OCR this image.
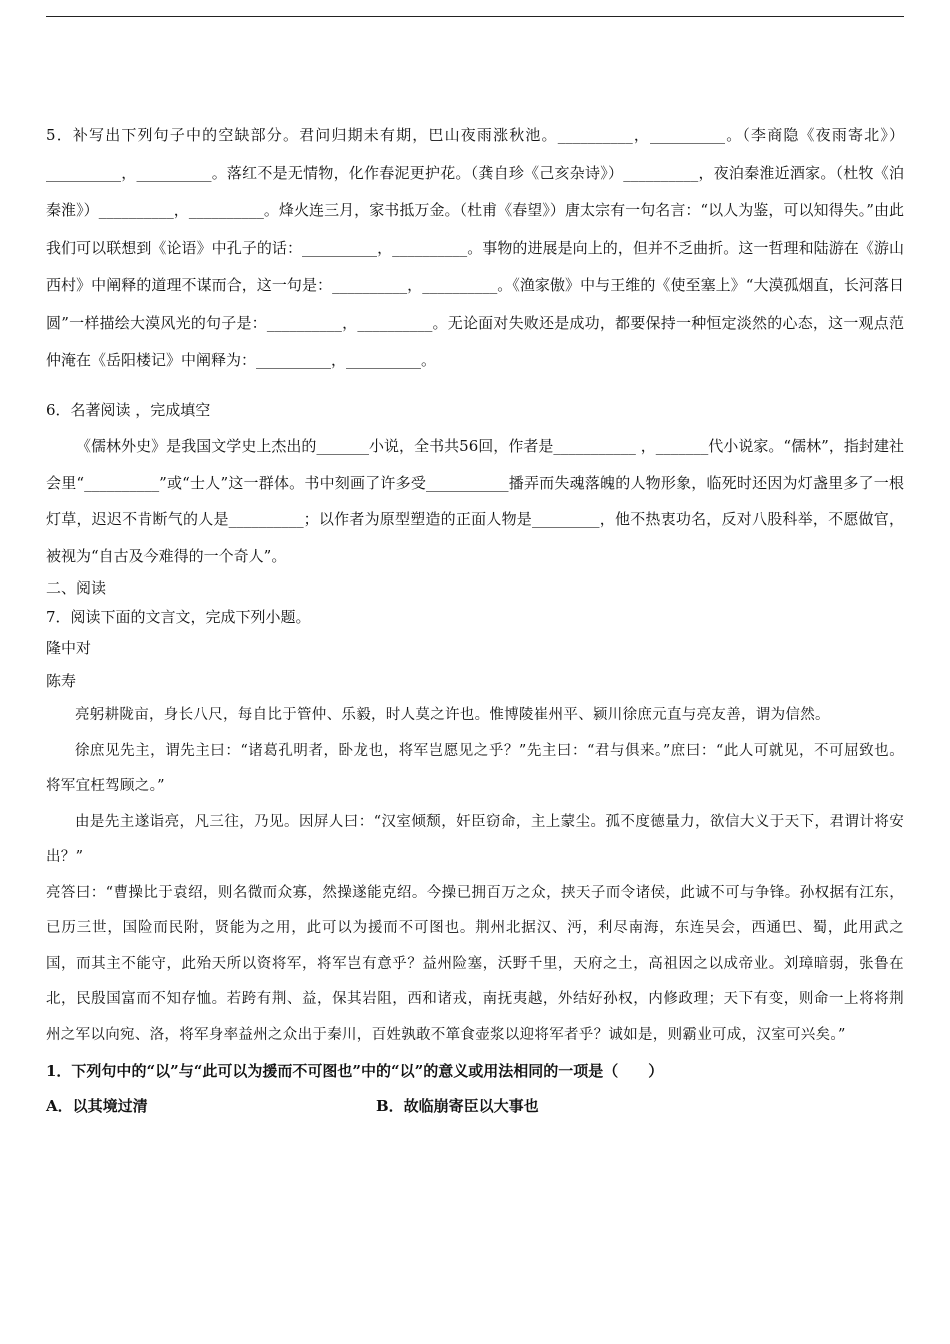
5．补写出下列句子中的空缺部分。君问归期未有期，巴山夜雨涨秋池。__________，__________。（李商隐《夜雨寄北》）__________，__________。落红不是无情物，化作春泥更护花。（龚自珍《己亥杂诗》）__________，夜泊秦淮近酒家。（杜牧《泊秦淮》）__________，__________。烽火连三月，家书抵万金。（杜甫《春望》）唐太宗有一句名言：“以人为鉴，可以知得失。”由此我们可以联想到《论语》中孔子的话：__________，__________。事物的进展是向上的，但并不乏曲折。这一哲理和陆游在《游山西村》中阐释的道理不谋而合，这一句是：__________，__________。《渔家傲》中与王维的《使至塞上》“大漠孤烟直，长河落日圆”一样描绘大漠风光的句子是：__________，__________。无论面对失败还是成功，都要保持一种恒定淡然的心态，这一观点范仲淹在《岳阳楼记》中阐释为：__________，__________。

6．名著阅读 ，完成填空

《儒林外史》是我国文学史上杰出的_______小说，全书共56回，作者是___________ ，_______代小说家。“儒林”，指封建社会里“__________”或“士人”这一群体。书中刻画了许多受___________播弄而失魂落魄的人物形象，临死时还因为灯盏里多了一根灯草，迟迟不肯断气的人是__________；以作者为原型塑造的正面人物是_________，他不热衷功名，反对八股科举，不愿做官，被视为“自古及今难得的一个奇人”。

二、阅读

7．阅读下面的文言文，完成下列小题。

隆中对

陈寿

亮躬耕陇亩，身长八尺，每自比于管仲、乐毅，时人莫之许也。惟博陵崔州平、颍川徐庶元直与亮友善，谓为信然。

徐庶见先主，谓先主曰：“诸葛孔明者，卧龙也，将军岂愿见之乎？”先主曰：“君与俱来。”庶曰：“此人可就见，不可屈致也。将军宜枉驾顾之。”

由是先主遂诣亮，凡三往，乃见。因屏人曰：“汉室倾颓，奸臣窃命，主上蒙尘。孤不度德量力，欲信大义于天下，君谓计将安出？”

亮答曰：“曹操比于袁绍，则名微而众寡，然操遂能克绍。今操已拥百万之众，挟天子而令诸侯，此诚不可与争锋。孙权据有江东，已历三世，国险而民附，贤能为之用，此可以为援而不可图也。荆州北据汉、沔，利尽南海，东连吴会，西通巴、蜀，此用武之国，而其主不能守，此殆天所以资将军，将军岂有意乎？益州险塞，沃野千里，天府之土，高祖因之以成帝业。刘璋暗弱，张鲁在北，民殷国富而不知存恤。若跨有荆、益，保其岩阻，西和诸戎，南抚夷越，外结好孙权，内修政理；天下有变，则命一上将将荆州之军以向宛、洛，将军身率益州之众出于秦川，百姓孰敢不箪食壶浆以迎将军者乎？诚如是，则霸业可成，汉室可兴矣。”

1．下列句中的“以”与“此可以为援而不可图也”中的“以”的意义或用法相同的一项是（　　）

A．以其境过清	B．故临崩寄臣以大事也
